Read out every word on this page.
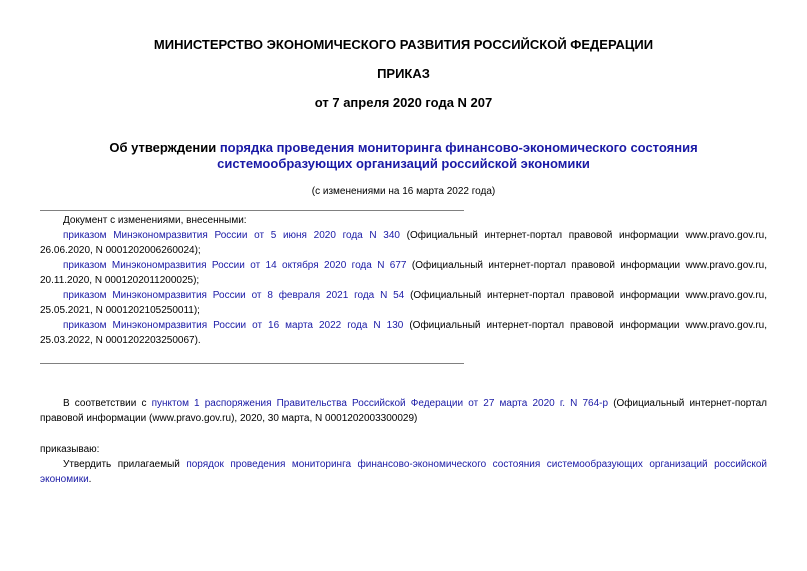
МИНИСТЕРСТВО ЭКОНОМИЧЕСКОГО РАЗВИТИЯ РОССИЙСКОЙ ФЕДЕРАЦИИ
ПРИКАЗ
от 7 апреля 2020 года N 207
Об утверждении порядка проведения мониторинга финансово-экономического состояния системообразующих организаций российской экономики
(с изменениями на 16 марта 2022 года)

Документ с изменениями, внесенными:

приказом Минэкономразвития России от 5 июня 2020 года N 340 (Официальный интернет-портал правовой информации www.pravo.gov.ru, 26.06.2020, N 0001202006260024);

приказом Минэкономразвития России от 14 октября 2020 года N 677 (Официальный интернет-портал правовой информации www.pravo.gov.ru, 20.11.2020, N 0001202011200025);

приказом Минэкономразвития России от 8 февраля 2021 года N 54 (Официальный интернет-портал правовой информации www.pravo.gov.ru, 25.05.2021, N 0001202105250011);

приказом Минэкономразвития России от 16 марта 2022 года N 130 (Официальный интернет-портал правовой информации www.pravo.gov.ru, 25.03.2022, N 0001202203250067).

В соответствии с пунктом 1 распоряжения Правительства Российской Федерации от 27 марта 2020 г. N 764-р (Официальный интернет-портал правовой информации (www.pravo.gov.ru), 2020, 30 марта, N 0001202003300029)

приказываю:

Утвердить прилагаемый порядок проведения мониторинга финансово-экономического состояния системообразующих организаций российской экономики.
